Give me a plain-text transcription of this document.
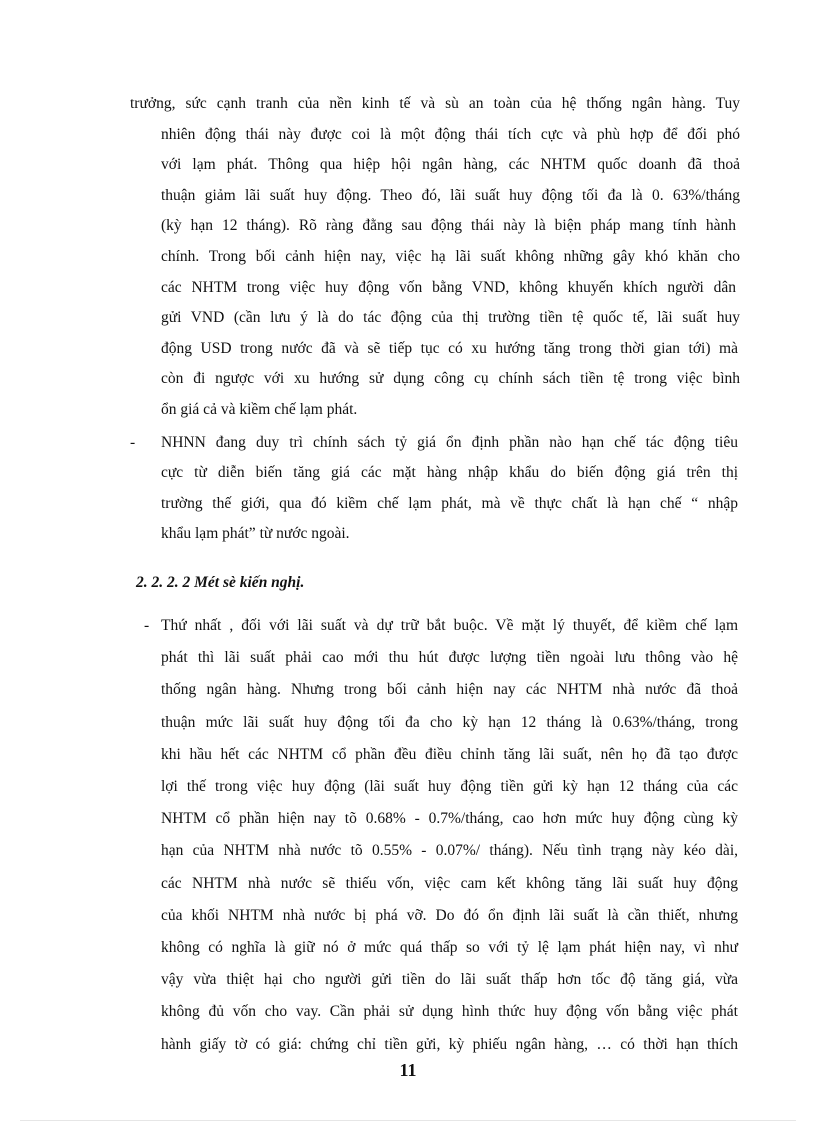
trưởng, sức cạnh tranh của nền kinh tế và sù an toàn của hệ thống ngân hàng. Tuy
nhiên động thái này được coi là một động thái tích cực và phù hợp để đối phó
với lạm phát. Thông qua hiệp hội ngân hàng, các NHTM quốc doanh đã thoả
thuận giảm lãi suất huy động. Theo đó, lãi suất huy động tối đa là 0. 63%/tháng
(kỳ hạn 12 tháng). Rõ ràng đằng sau động thái này là biện pháp mang tính hành
chính. Trong bối cảnh hiện nay, việc hạ lãi suất không những gây khó khăn cho
các NHTM trong việc huy động vốn bằng VND, không khuyến khích người dân
gửi VND (cần lưu ý là do tác động của thị trường tiền tệ quốc tế, lãi suất huy
động USD trong nước đã và sẽ tiếp tục có xu hướng tăng trong thời gian tới) mà
còn đi ngược với xu hướng sử dụng công cụ chính sách tiền tệ trong việc bình
ổn giá cả và kiềm chế lạm phát.
- NHNN đang duy trì chính sách tỷ giá ổn định phần nào hạn chế tác động tiêu
cực từ diễn biến tăng giá các mặt hàng nhập khẩu do biến động giá trên thị
trường thế giới, qua đó kiềm chế lạm phát, mà về thực chất là hạn chế “ nhập
khẩu lạm phát” từ nước ngoài.
2. 2. 2. 2 Mét sè kiến nghị.
- Thứ nhất , đối với lãi suất và dự trữ bắt buộc. Về mặt lý thuyết, để kiềm chế lạm
phát thì lãi suất phải cao mới thu hút được lượng tiền ngoài lưu thông vào hệ
thống ngân hàng. Nhưng trong bối cảnh hiện nay các NHTM nhà nước đã thoả
thuận mức lãi suất huy động tối đa cho kỳ hạn 12 tháng là 0.63%/tháng, trong
khi hầu hết các NHTM cổ phần đều điều chỉnh tăng lãi suất, nên họ đã tạo được
lợi thế trong việc huy động (lãi suất huy động tiền gửi kỳ hạn 12 tháng của các
NHTM cổ phần hiện nay tõ 0.68% - 0.7%/tháng, cao hơn mức huy động cùng kỳ
hạn của NHTM nhà nước tõ 0.55% - 0.07%/ tháng). Nếu tình trạng này kéo dài,
các NHTM nhà nước sẽ thiếu vốn, việc cam kết không tăng lãi suất huy động
của khối NHTM nhà nước bị phá vỡ. Do đó ổn định lãi suất là cần thiết, nhưng
không có nghĩa là giữ nó ở mức quá thấp so với tỷ lệ lạm phát hiện nay, vì như
vậy vừa thiệt hại cho người gửi tiền do lãi suất thấp hơn tốc độ tăng giá, vừa
không đủ vốn cho vay. Cần phải sử dụng hình thức huy động vốn bằng việc phát
hành giấy tờ có giá: chứng chỉ tiền gửi, kỳ phiếu ngân hàng, … có thời hạn thích
11
